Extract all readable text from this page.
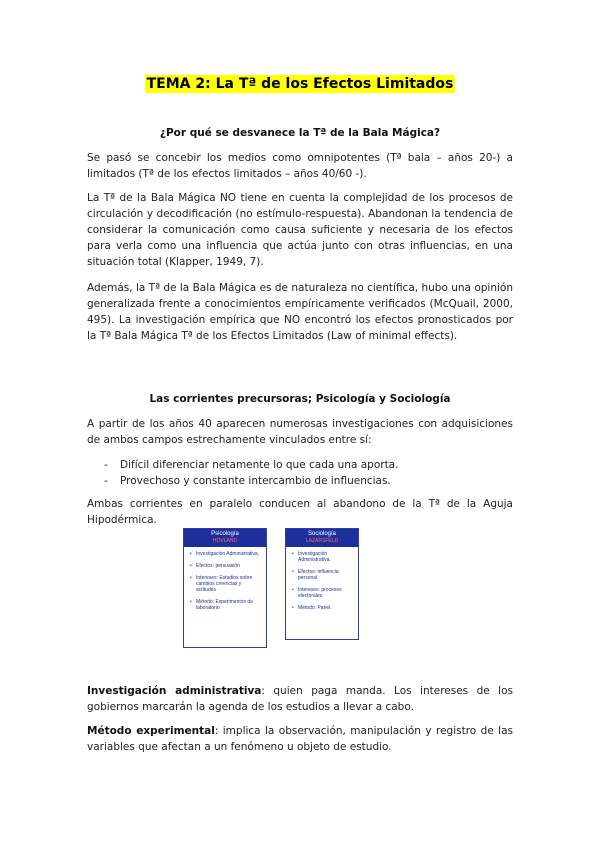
TEMA 2: La Tª de los Efectos Limitados
¿Por qué se desvanece la Tª de la Bala Mágica?
Se pasó se concebir los medios como omnipotentes (Tª bala – años 20-) a limitados (Tª de los efectos limitados – años 40/60 -).
La Tª de la Bala Mágica NO tiene en cuenta la complejidad de los procesos de circulación y decodificación (no estímulo-respuesta). Abandonan la tendencia de considerar la comunicación como causa suficiente y necesaria de los efectos para verla como una influencia que actúa junto con otras influencias, en una situación total (Klapper, 1949, 7).
Además, la Tª de la Bala Mágica es de naturaleza no científica, hubo una opinión generalizada frente a conocimientos empíricamente verificados (McQuail, 2000, 495). La investigación empírica que NO encontró los efectos pronosticados por la Tª Bala Mágica Tª de los Efectos Limitados (Law of minimal effects).
Las corrientes precursoras; Psicología y Sociología
A partir de los años 40 aparecen numerosas investigaciones con adquisiciones de ambos campos estrechamente vinculados entre sí:
- Difícil diferenciar netamente lo que cada una aporta.
- Provechoso y constante intercambio de influencias.
Ambas corrientes en paralelo conducen al abandono de la Tª de la Aguja Hipodérmica.
Psicología
HOVLAND
• Investigación Administrativa.
• Efectos: persuasión
• Intereses: Estudios sobre cambios creencias y actitudes
• Método: Experimentos de laboratorio
Sociología
LAZARSFELD
• Investigación Administrativa.
• Efectos: influencia personal
• Intereses: procesos electorales
• Método: Panel.
Investigación administrativa: quien paga manda. Los intereses de los gobiernos marcarán la agenda de los estudios a llevar a cabo.
Método experimental: implica la observación, manipulación y registro de las variables que afectan a un fenómeno u objeto de estudio.
